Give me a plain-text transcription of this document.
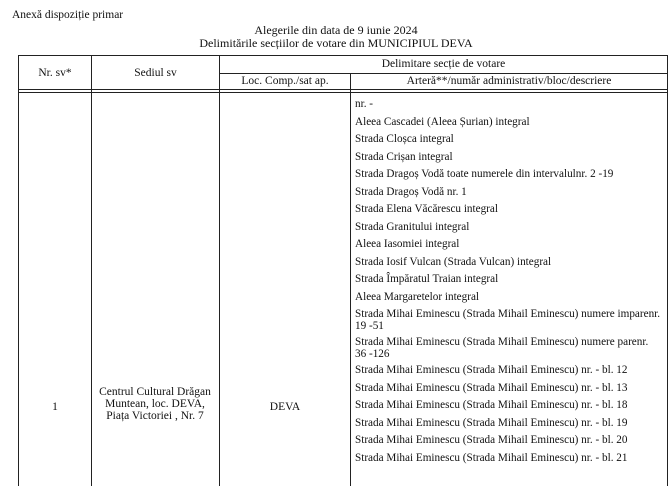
Anexă dispoziție primar
Alegerile din data de 9 iunie 2024
Delimitările secțiilor de votare din MUNICIPIUL DEVA
Nr. sv*	Sediul sv
Delimitare secție de votare
Loc. Comp./sat ap.	Arteră**/număr administrativ/bloc/descriere
1
Centrul Cultural Drăgan Muntean, loc. DEVA, Piața Victoriei , Nr. 7
DEVA
nr. -
Aleea Cascadei (Aleea Șurian) integral
Strada Cloșca integral
Strada Crișan integral
Strada Dragoș Vodă toate numerele din intervalulnr. 2 -19
Strada Dragoș Vodă nr. 1
Strada Elena Văcărescu integral
Strada Granitului integral
Aleea Iasomiei integral
Strada Iosif Vulcan (Strada Vulcan) integral
Strada Împăratul Traian integral
Aleea Margaretelor integral
Strada Mihai Eminescu (Strada Mihail Eminescu) numere imparenr. 19 -51
Strada Mihai Eminescu (Strada Mihail Eminescu) numere parenr. 36 -126
Strada Mihai Eminescu (Strada Mihail Eminescu) nr. - bl. 12
Strada Mihai Eminescu (Strada Mihail Eminescu) nr. - bl. 13
Strada Mihai Eminescu (Strada Mihail Eminescu) nr. - bl. 18
Strada Mihai Eminescu (Strada Mihail Eminescu) nr. - bl. 19
Strada Mihai Eminescu (Strada Mihail Eminescu) nr. - bl. 20
Strada Mihai Eminescu (Strada Mihail Eminescu) nr. - bl. 21
